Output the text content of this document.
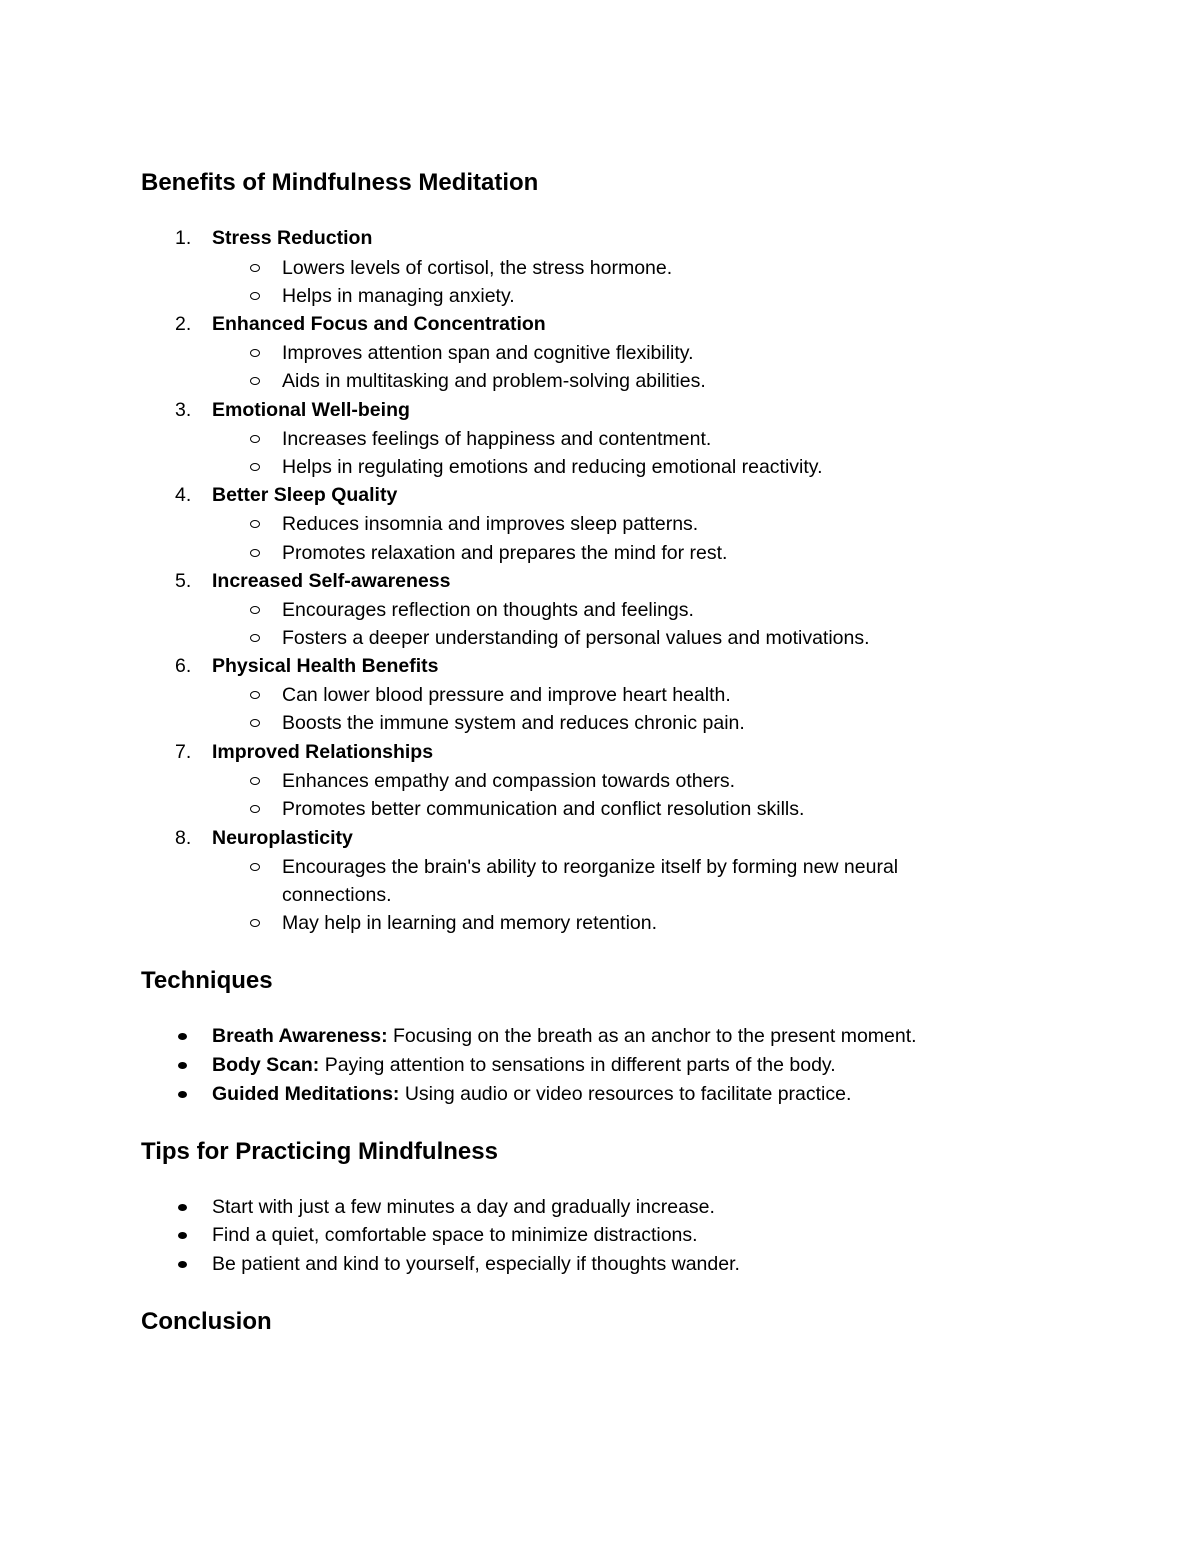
Benefits of Mindfulness Meditation
1. Stress Reduction
Lowers levels of cortisol, the stress hormone.
Helps in managing anxiety.
2. Enhanced Focus and Concentration
Improves attention span and cognitive flexibility.
Aids in multitasking and problem-solving abilities.
3. Emotional Well-being
Increases feelings of happiness and contentment.
Helps in regulating emotions and reducing emotional reactivity.
4. Better Sleep Quality
Reduces insomnia and improves sleep patterns.
Promotes relaxation and prepares the mind for rest.
5. Increased Self-awareness
Encourages reflection on thoughts and feelings.
Fosters a deeper understanding of personal values and motivations.
6. Physical Health Benefits
Can lower blood pressure and improve heart health.
Boosts the immune system and reduces chronic pain.
7. Improved Relationships
Enhances empathy and compassion towards others.
Promotes better communication and conflict resolution skills.
8. Neuroplasticity
Encourages the brain's ability to reorganize itself by forming new neural
connections.
May help in learning and memory retention.
Techniques
Breath Awareness: Focusing on the breath as an anchor to the present moment.
Body Scan: Paying attention to sensations in different parts of the body.
Guided Meditations: Using audio or video resources to facilitate practice.
Tips for Practicing Mindfulness
Start with just a few minutes a day and gradually increase.
Find a quiet, comfortable space to minimize distractions.
Be patient and kind to yourself, especially if thoughts wander.
Conclusion
